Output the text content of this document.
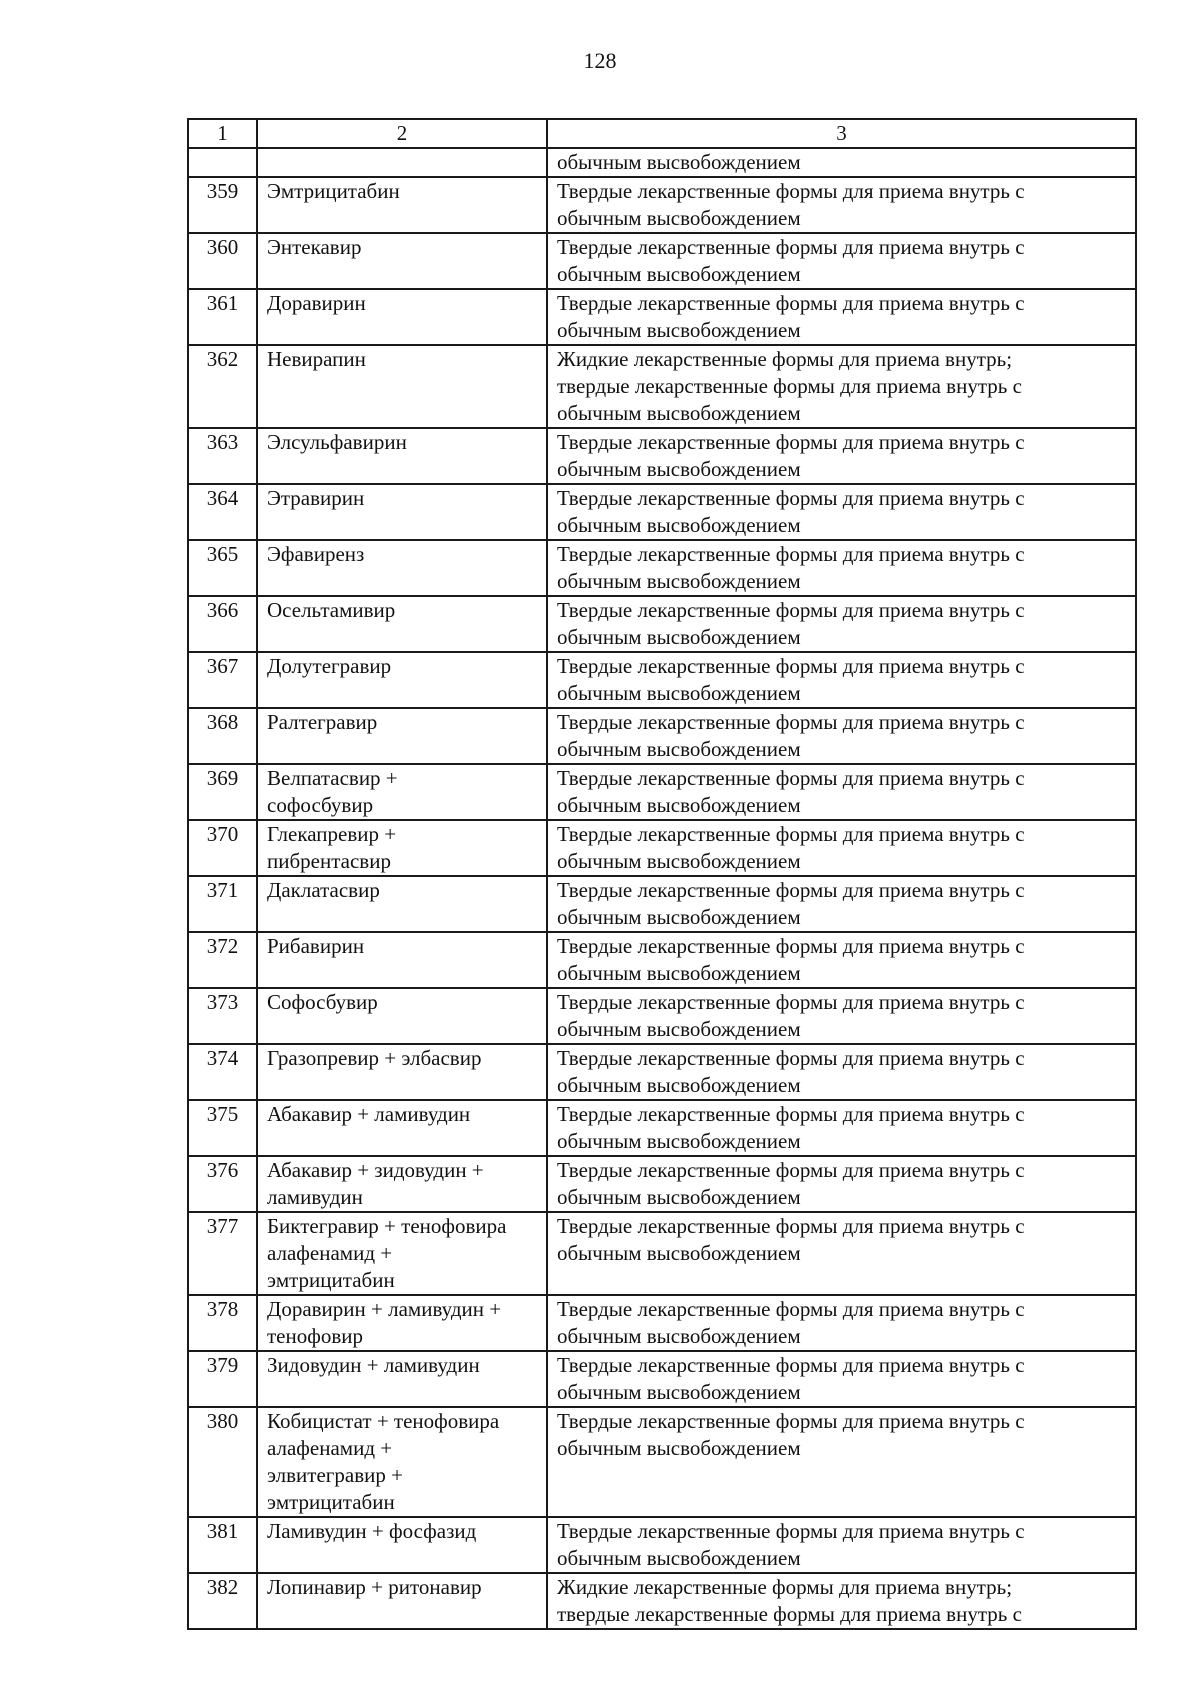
128
1	2	3
		обычным высвобождением
359	Эмтрицитабин	Твердые лекарственные формы для приема внутрь с
обычным высвобождением
360	Энтекавир	Твердые лекарственные формы для приема внутрь с
обычным высвобождением
361	Доравирин	Твердые лекарственные формы для приема внутрь с
обычным высвобождением
362	Невирапин	Жидкие лекарственные формы для приема внутрь;
твердые лекарственные формы для приема внутрь с
обычным высвобождением
363	Элсульфавирин	Твердые лекарственные формы для приема внутрь с
обычным высвобождением
364	Этравирин	Твердые лекарственные формы для приема внутрь с
обычным высвобождением
365	Эфавиренз	Твердые лекарственные формы для приема внутрь с
обычным высвобождением
366	Осельтамивир	Твердые лекарственные формы для приема внутрь с
обычным высвобождением
367	Долутегравир	Твердые лекарственные формы для приема внутрь с
обычным высвобождением
368	Ралтегравир	Твердые лекарственные формы для приема внутрь с
обычным высвобождением
369	Велпатасвир +
софосбувир	Твердые лекарственные формы для приема внутрь с
обычным высвобождением
370	Глекапревир +
пибрентасвир	Твердые лекарственные формы для приема внутрь с
обычным высвобождением
371	Даклатасвир	Твердые лекарственные формы для приема внутрь с
обычным высвобождением
372	Рибавирин	Твердые лекарственные формы для приема внутрь с
обычным высвобождением
373	Софосбувир	Твердые лекарственные формы для приема внутрь с
обычным высвобождением
374	Гразопревир + элбасвир	Твердые лекарственные формы для приема внутрь с
обычным высвобождением
375	Абакавир + ламивудин	Твердые лекарственные формы для приема внутрь с
обычным высвобождением
376	Абакавир + зидовудин +
ламивудин	Твердые лекарственные формы для приема внутрь с
обычным высвобождением
377	Биктегравир + тенофовира
алафенамид +
эмтрицитабин	Твердые лекарственные формы для приема внутрь с
обычным высвобождением
378	Доравирин + ламивудин +
тенофовир	Твердые лекарственные формы для приема внутрь с
обычным высвобождением
379	Зидовудин + ламивудин	Твердые лекарственные формы для приема внутрь с
обычным высвобождением
380	Кобицистат + тенофовира
алафенамид +
элвитегравир +
эмтрицитабин	Твердые лекарственные формы для приема внутрь с
обычным высвобождением
381	Ламивудин + фосфазид	Твердые лекарственные формы для приема внутрь с
обычным высвобождением
382	Лопинавир + ритонавир	Жидкие лекарственные формы для приема внутрь;
твердые лекарственные формы для приема внутрь с
